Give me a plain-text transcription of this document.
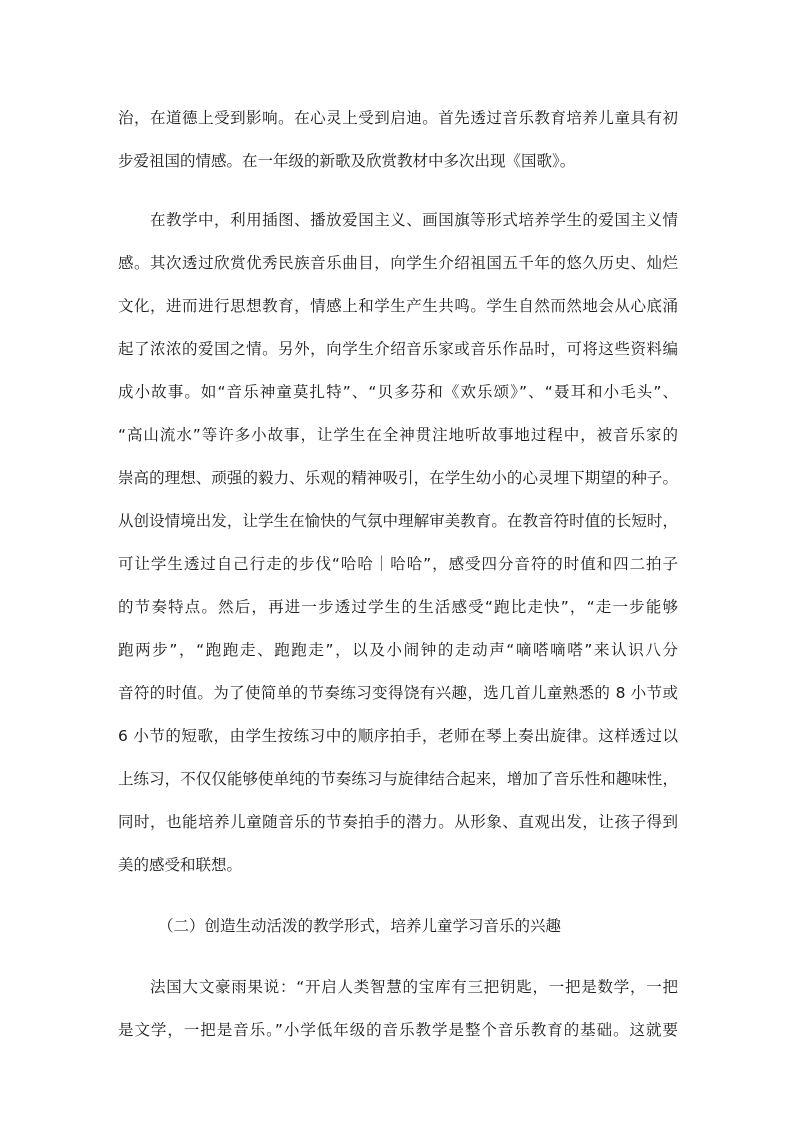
治，在道德上受到影响。在心灵上受到启迪。首先透过音乐教育培养儿童具有初
步爱祖国的情感。在一年级的新歌及欣赏教材中多次出现《国歌》。
在教学中，利用插图、播放爱国主义、画国旗等形式培养学生的爱国主义情
感。其次透过欣赏优秀民族音乐曲目，向学生介绍祖国五千年的悠久历史、灿烂
文化，进而进行思想教育，情感上和学生产生共鸣。学生自然而然地会从心底涌
起了浓浓的爱国之情。另外，向学生介绍音乐家或音乐作品时，可将这些资料编
成小故事。如“音乐神童莫扎特”、“贝多芬和《欢乐颂》”、“聂耳和小毛头”、
“高山流水”等许多小故事，让学生在全神贯注地听故事地过程中，被音乐家的
崇高的理想、顽强的毅力、乐观的精神吸引，在学生幼小的心灵埋下期望的种子。
从创设情境出发，让学生在愉快的气氛中理解审美教育。在教音符时值的长短时，
可让学生透过自己行走的步伐“哈哈｜哈哈”，感受四分音符的时值和四二拍子
的节奏特点。然后，再进一步透过学生的生活感受“跑比走快”，“走一步能够
跑两步”，“跑跑走、跑跑走”，以及小闹钟的走动声“嘀嗒嘀嗒”来认识八分
音符的时值。为了使简单的节奏练习变得饶有兴趣，选几首儿童熟悉的 8 小节或
6 小节的短歌，由学生按练习中的顺序拍手，老师在琴上奏出旋律。这样透过以
上练习，不仅仅能够使单纯的节奏练习与旋律结合起来，增加了音乐性和趣味性，
同时，也能培养儿童随音乐的节奏拍手的潜力。从形象、直观出发，让孩子得到
美的感受和联想。
（二）创造生动活泼的教学形式，培养儿童学习音乐的兴趣
法国大文豪雨果说：“开启人类智慧的宝库有三把钥匙，一把是数学，一把
是文学，一把是音乐。”小学低年级的音乐教学是整个音乐教育的基础。这就要
